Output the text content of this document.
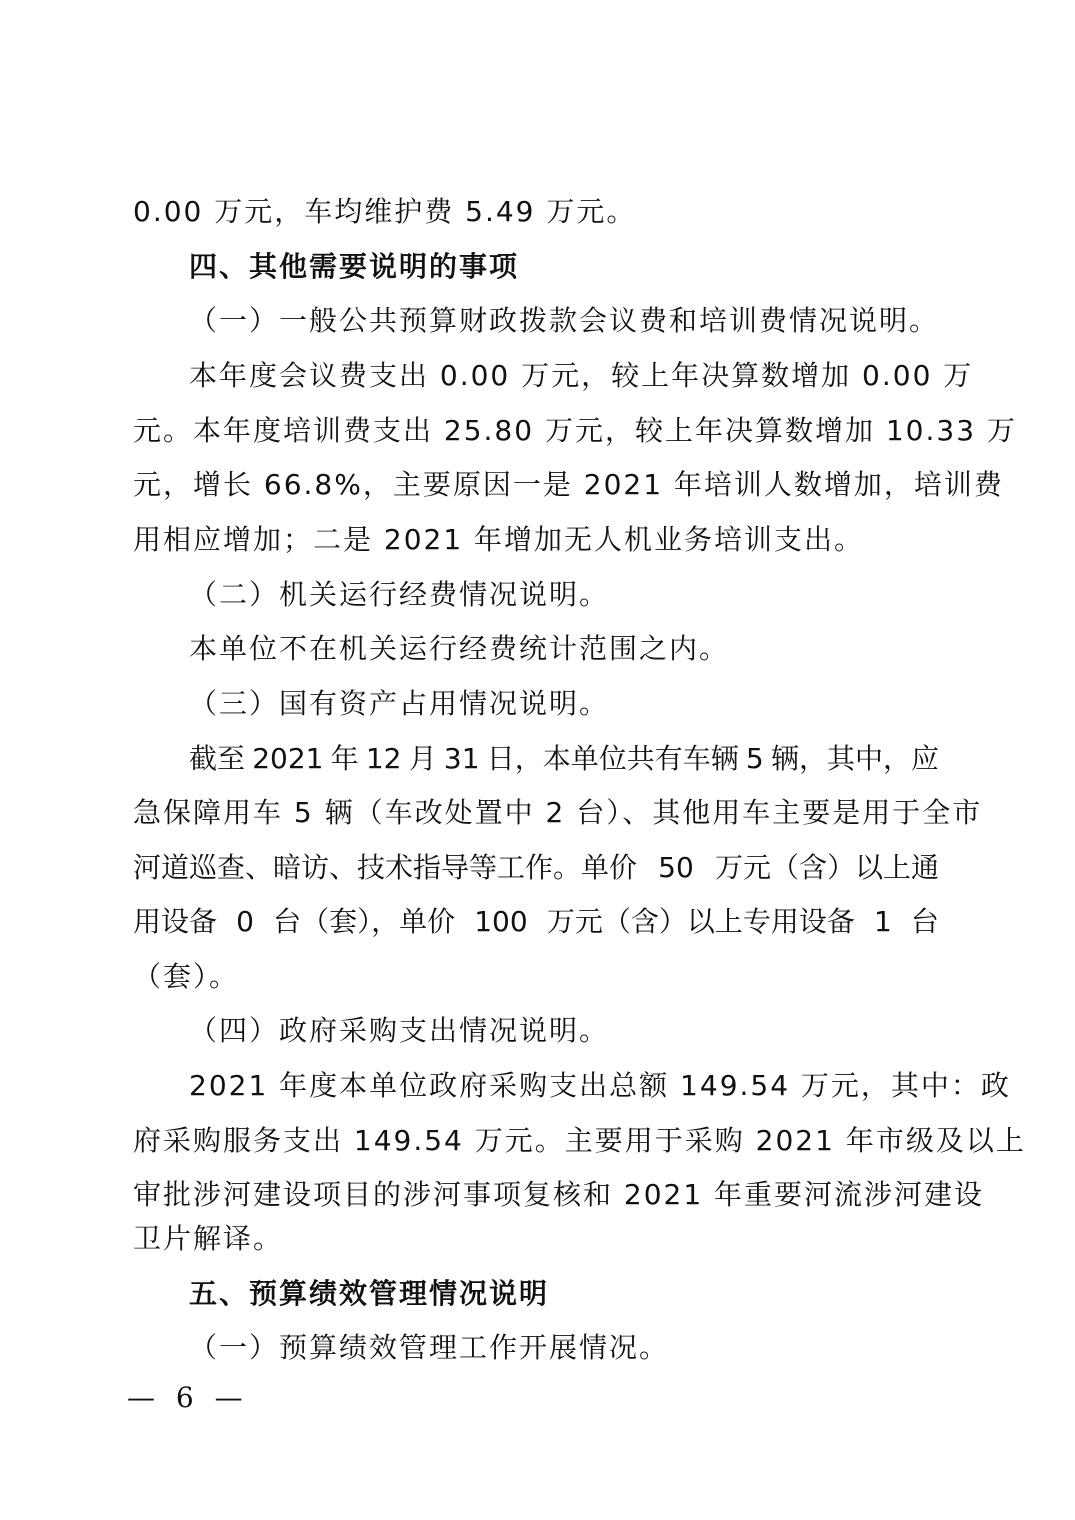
0.00 万元，车均维护费 5.49 万元。

四、其他需要说明的事项

（一）一般公共预算财政拨款会议费和培训费情况说明。

本年度会议费支出 0.00 万元，较上年决算数增加 0.00 万

元。本年度培训费支出 25.80 万元，较上年决算数增加 10.33 万

元，增长 66.8%，主要原因一是 2021 年培训人数增加，培训费

用相应增加；二是 2021 年增加无人机业务培训支出。

（二）机关运行经费情况说明。

本单位不在机关运行经费统计范围之内。

（三）国有资产占用情况说明。

截至 2021 年 12 月 31 日，本单位共有车辆 5 辆，其中，应

急保障用车 5 辆（车改处置中 2 台）、其他用车主要是用于全市

河道巡查、暗访、技术指导等工作。单价 50 万元（含）以上通

用设备 0 台（套），单价 100 万元（含）以上专用设备 1 台

（套）。

（四）政府采购支出情况说明。

2021 年度本单位政府采购支出总额 149.54 万元，其中：政

府采购服务支出 149.54 万元。主要用于采购 2021 年市级及以上

审批涉河建设项目的涉河事项复核和 2021 年重要河流涉河建设

卫片解译。

五、预算绩效管理情况说明

（一）预算绩效管理工作开展情况。

— 6 —
